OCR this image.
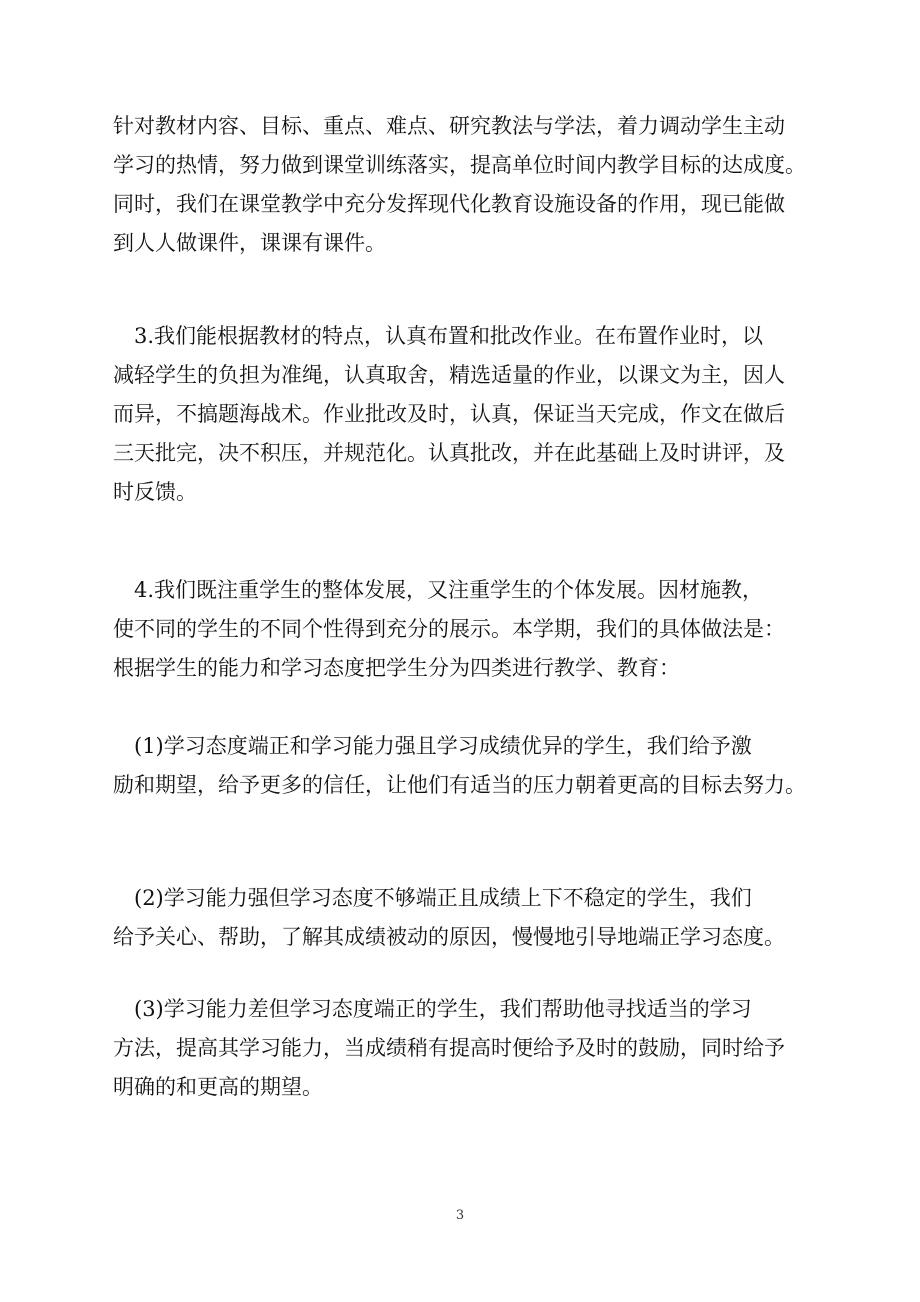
针对教材内容、目标、重点、难点、研究教法与学法，着力调动学生主动
学习的热情，努力做到课堂训练落实，提高单位时间内教学目标的达成度。
同时，我们在课堂教学中充分发挥现代化教育设施设备的作用，现已能做
到人人做课件，课课有课件。
　3.我们能根据教材的特点，认真布置和批改作业。在布置作业时，以
减轻学生的负担为准绳，认真取舍，精选适量的作业，以课文为主，因人
而异，不搞题海战术。作业批改及时，认真，保证当天完成，作文在做后
三天批完，决不积压，并规范化。认真批改，并在此基础上及时讲评，及
时反馈。
　4.我们既注重学生的整体发展，又注重学生的个体发展。因材施教，
使不同的学生的不同个性得到充分的展示。本学期，我们的具体做法是：
根据学生的能力和学习态度把学生分为四类进行教学、教育：
　(1)学习态度端正和学习能力强且学习成绩优异的学生，我们给予激
励和期望，给予更多的信任，让他们有适当的压力朝着更高的目标去努力。
　(2)学习能力强但学习态度不够端正且成绩上下不稳定的学生，我们
给予关心、帮助，了解其成绩被动的原因，慢慢地引导地端正学习态度。
　(3)学习能力差但学习态度端正的学生，我们帮助他寻找适当的学习
方法，提高其学习能力，当成绩稍有提高时便给予及时的鼓励，同时给予
明确的和更高的期望。
3
